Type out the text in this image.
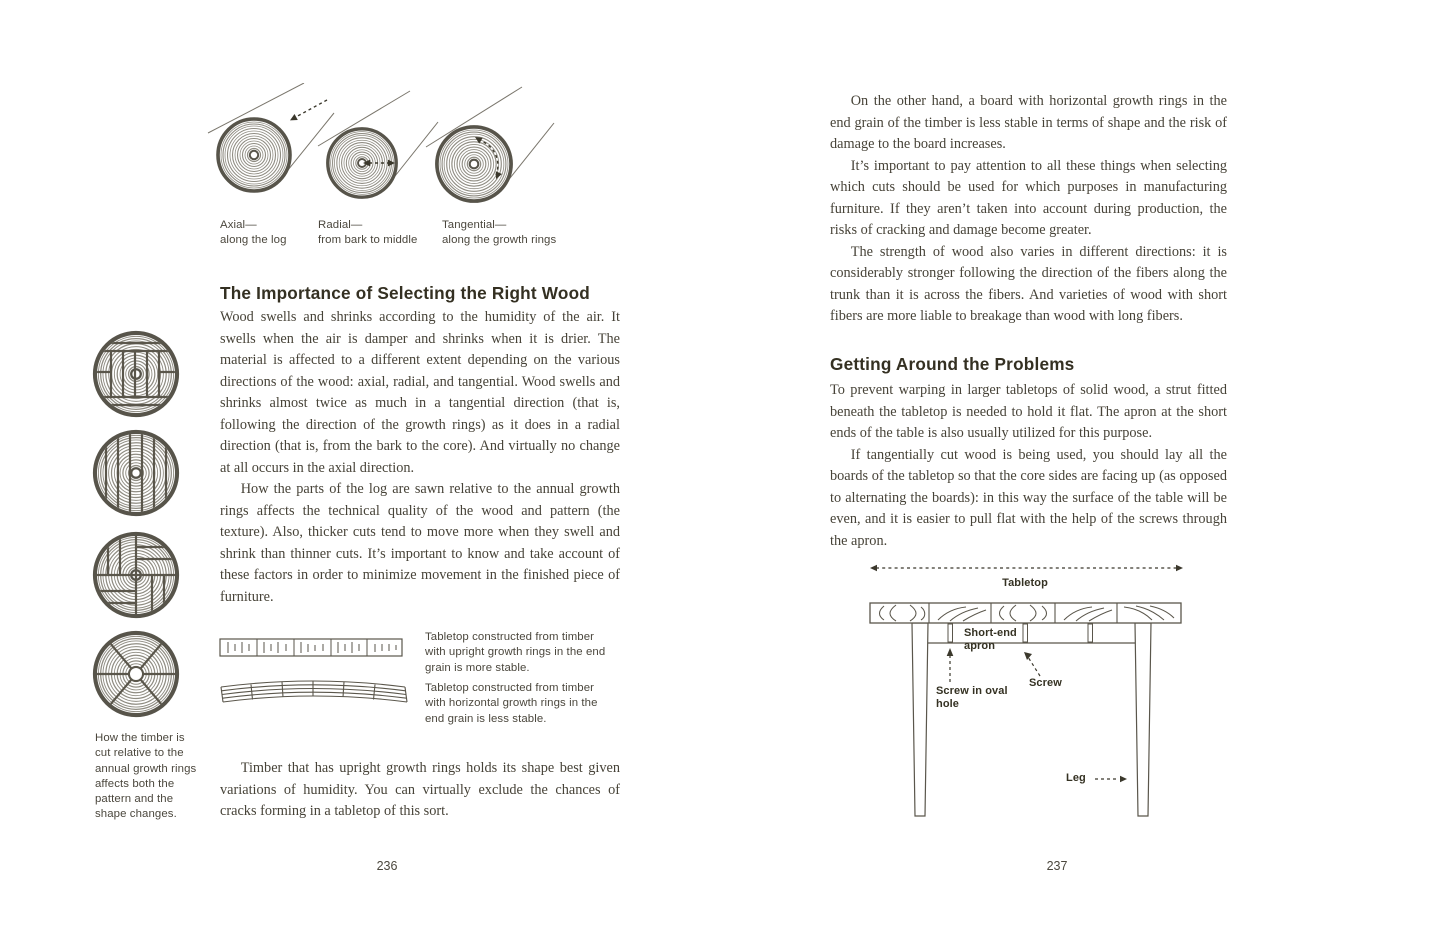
Axial—
along the log
Radial—
from bark to middle
Tangential—
along the growth rings
How the timber is cut relative to the annual growth rings affects both the pattern and the shape changes.
The Importance of Selecting the Right Wood

Wood swells and shrinks according to the humidity of the air. It swells when the air is damper and shrinks when it is drier. The material is affected to a different extent depending on the various directions of the wood: axial, radial, and tangential. Wood swells and shrinks almost twice as much in a tangential direction (that is, following the direction of the growth rings) as it does in a radial direction (that is, from the bark to the core). And virtually no change at all occurs in the axial direction.

How the parts of the log are sawn relative to the annual growth rings affects the technical quality of the wood and pattern (the texture). Also, thicker cuts tend to move more when they swell and shrink than thinner cuts. It’s important to know and take account of these factors in order to minimize movement in the finished piece of furniture.

Tabletop constructed from timber with upright growth rings in the end grain is more stable.
Tabletop constructed from timber with horizontal growth rings in the end grain is less stable.

Timber that has upright growth rings holds its shape best given variations of humidity. You can virtually exclude the chances of cracks forming in a tabletop of this sort.

236

On the other hand, a board with horizontal growth rings in the end grain of the timber is less stable in terms of shape and the risk of damage to the board increases.

It’s important to pay attention to all these things when selecting which cuts should be used for which purposes in manufacturing furniture. If they aren’t taken into account during production, the risks of cracking and damage become greater.

The strength of wood also varies in different directions: it is considerably stronger following the direction of the fibers along the trunk than it is across the fibers. And varieties of wood with short fibers are more liable to breakage than wood with long fibers.

Getting Around the Problems

To prevent warping in larger tabletops of solid wood, a strut fitted beneath the tabletop is needed to hold it flat. The apron at the short ends of the table is also usually utilized for this purpose.

If tangentially cut wood is being used, you should lay all the boards of the tabletop so that the core sides are facing up (as opposed to alternating the boards): in this way the surface of the table will be even, and it is easier to pull flat with the help of the screws through the apron.

Tabletop
Short-end apron
Screw in oval hole
Screw
Leg
237
